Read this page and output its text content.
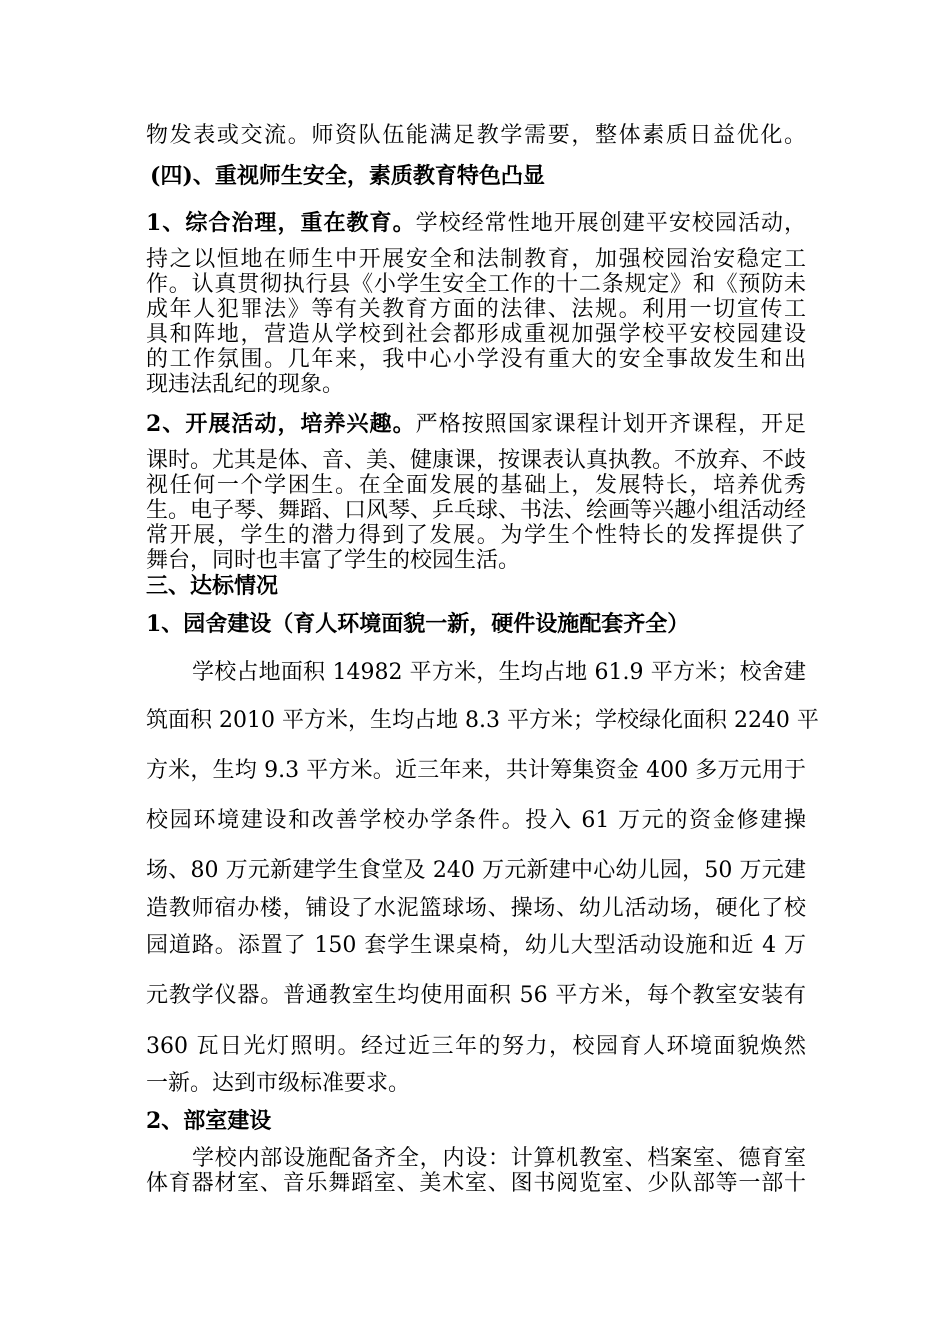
物发表或交流。师资队伍能满足教学需要，整体素质日益优化。
(四)、重视师生安全，素质教育特色凸显
1、综合治理，重在教育。学校经常性地开展创建平安校园活动，
持之以恒地在师生中开展安全和法制教育，加强校园治安稳定工
作。认真贯彻执行县《小学生安全工作的十二条规定》和《预防未
成年人犯罪法》等有关教育方面的法律、法规。利用一切宣传工
具和阵地，营造从学校到社会都形成重视加强学校平安校园建设
的工作氛围。几年来，我中心小学没有重大的安全事故发生和出
现违法乱纪的现象。
2、开展活动，培养兴趣。严格按照国家课程计划开齐课程，开足
课时。尤其是体、音、美、健康课，按课表认真执教。不放弃、不歧
视任何一个学困生。在全面发展的基础上，发展特长，培养优秀
生。电子琴、舞蹈、口风琴、乒乓球、书法、绘画等兴趣小组活动经
常开展，学生的潜力得到了发展。为学生个性特长的发挥提供了
舞台，同时也丰富了学生的校园生活。
三、达标情况
1、园舍建设（育人环境面貌一新，硬件设施配套齐全）
学校占地面积 14982 平方米，生均占地 61.9 平方米；校舍建
筑面积 2010 平方米，生均占地 8.3 平方米；学校绿化面积 2240 平
方米，生均 9.3 平方米。近三年来，共计筹集资金 400 多万元用于
校园环境建设和改善学校办学条件。投入 61 万元的资金修建操
场、80 万元新建学生食堂及 240 万元新建中心幼儿园，50 万元建
造教师宿办楼，铺设了水泥篮球场、操场、幼儿活动场，硬化了校
园道路。添置了 150 套学生课桌椅，幼儿大型活动设施和近 4 万
元教学仪器。普通教室生均使用面积 56 平方米，每个教室安装有
360 瓦日光灯照明。经过近三年的努力，校园育人环境面貌焕然
一新。达到市级标准要求。
2、部室建设
学校内部设施配备齐全，内设：计算机教室、档案室、德育室
体育器材室、音乐舞蹈室、美术室、图书阅览室、少队部等一部十
